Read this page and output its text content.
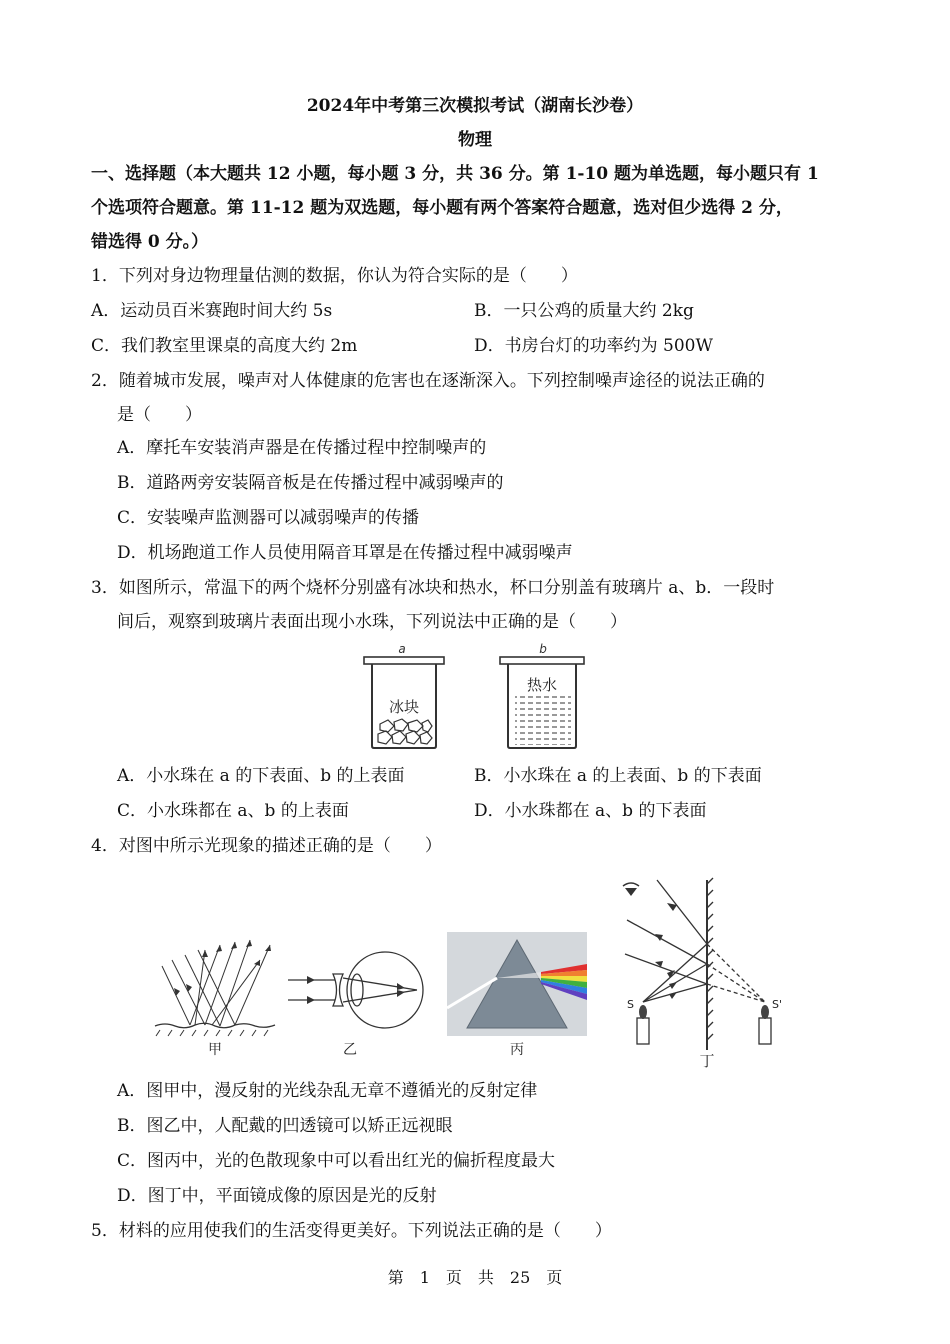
2024年中考第三次模拟考试（湖南长沙卷）
物理
一、选择题（本大题共 12 小题，每小题 3 分，共 36 分。第 1-10 题为单选题，每小题只有 1
个选项符合题意。第 11-12 题为双选题，每小题有两个答案符合题意，选对但少选得 2 分，
错选得 0 分。）
1．下列对身边物理量估测的数据，你认为符合实际的是（　　）
A．运动员百米赛跑时间大约 5s	B．一只公鸡的质量大约 2kg
C．我们教室里课桌的高度大约 2m	D．书房台灯的功率约为 500W
2．随着城市发展，噪声对人体健康的危害也在逐渐深入。下列控制噪声途径的说法正确的
是（　　）
A．摩托车安装消声器是在传播过程中控制噪声的
B．道路两旁安装隔音板是在传播过程中减弱噪声的
C．安装噪声监测器可以减弱噪声的传播
D．机场跑道工作人员使用隔音耳罩是在传播过程中减弱噪声
3．如图所示，常温下的两个烧杯分别盛有冰块和热水，杯口分别盖有玻璃片 a、b．一段时
间后，观察到玻璃片表面出现小水珠，下列说法中正确的是（　　）
a
冰块
b
热水
A．小水珠在 a 的下表面、b 的上表面	B．小水珠在 a 的上表面、b 的下表面
C．小水珠都在 a、b 的上表面	D．小水珠都在 a、b 的下表面
4．对图中所示光现象的描述正确的是（　　）
甲	乙	丙
S	S'
丁
A．图甲中，漫反射的光线杂乱无章不遵循光的反射定律
B．图乙中，人配戴的凹透镜可以矫正远视眼
C．图丙中，光的色散现象中可以看出红光的偏折程度最大
D．图丁中，平面镜成像的原因是光的反射
5．材料的应用使我们的生活变得更美好。下列说法正确的是（　　）
第　1　页　共　25　页
